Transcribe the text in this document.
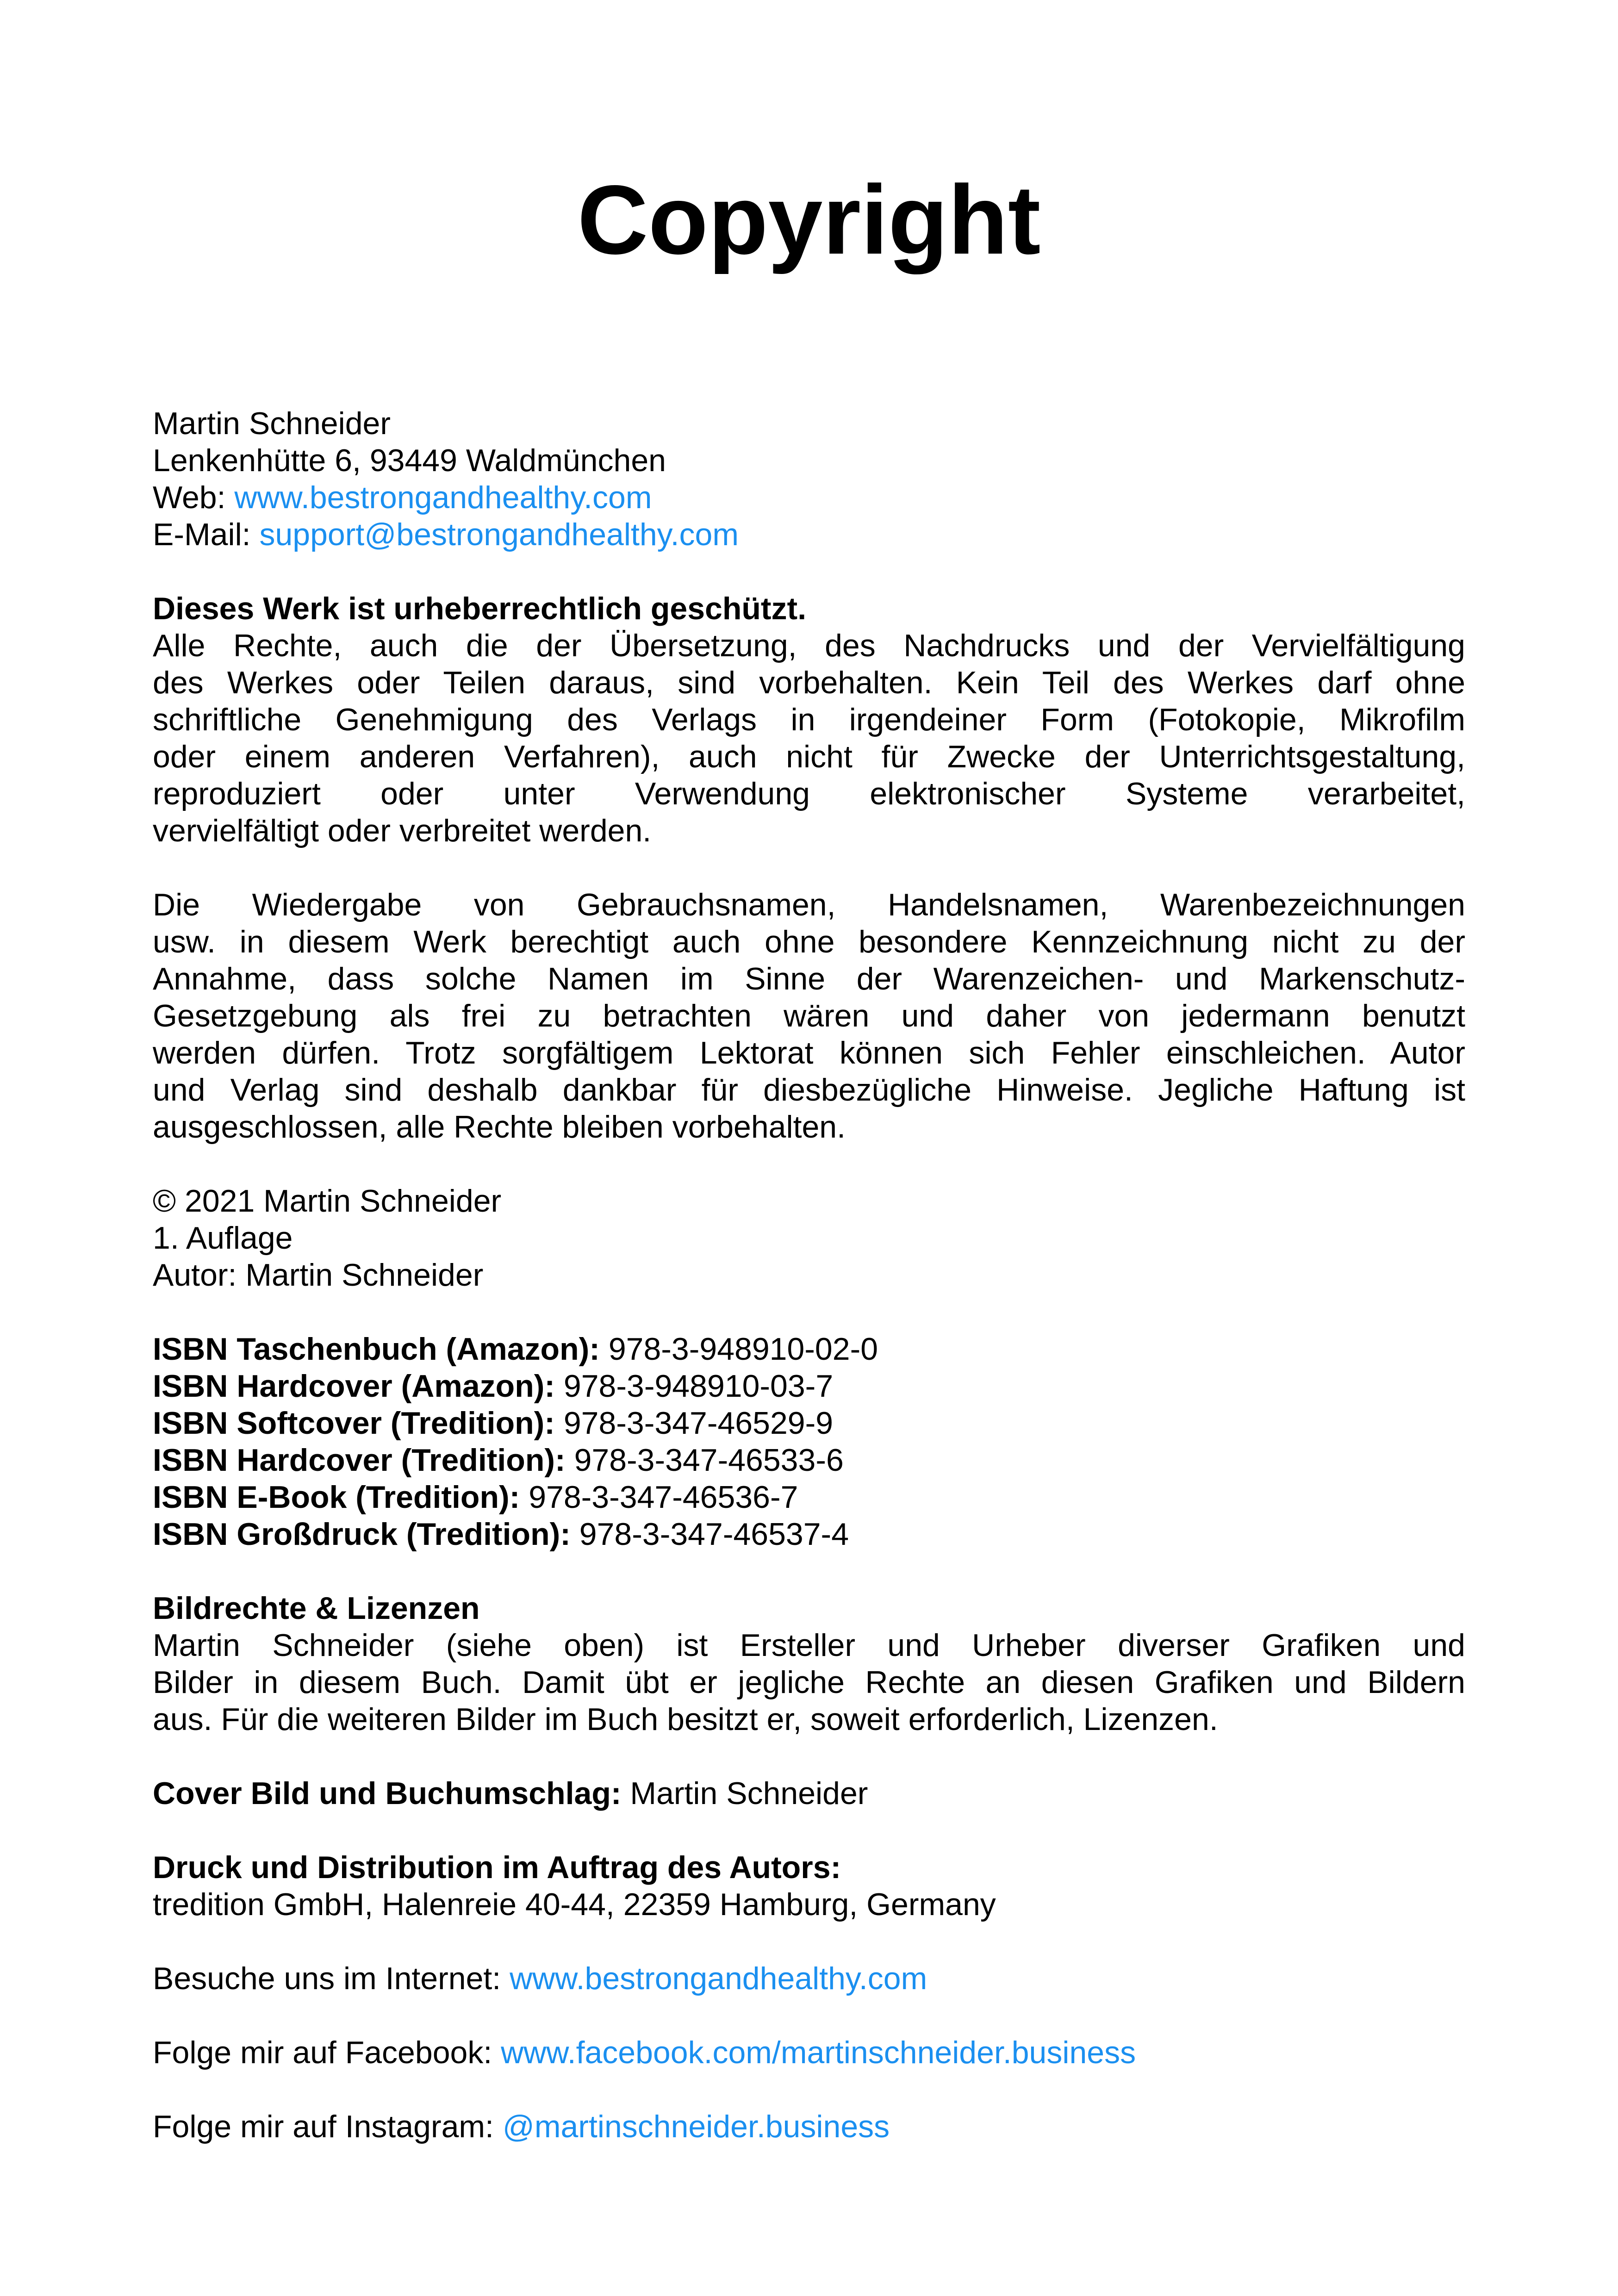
Copyright

Martin Schneider

Lenkenhütte 6, 93449 Waldmünchen

Web: www.bestrongandhealthy.com

E-Mail: support@bestrongandhealthy.com

Dieses Werk ist urheberrechtlich geschützt.

Alle Rechte, auch die der Übersetzung, des Nachdrucks und der Vervielfältigung

des Werkes oder Teilen daraus, sind vorbehalten. Kein Teil des Werkes darf ohne

schriftliche Genehmigung des Verlags in irgendeiner Form (Fotokopie, Mikrofilm

oder einem anderen Verfahren), auch nicht für Zwecke der Unterrichtsgestaltung,

reproduziert oder unter Verwendung elektronischer Systeme verarbeitet,

vervielfältigt oder verbreitet werden.

Die Wiedergabe von Gebrauchsnamen, Handelsnamen, Warenbezeichnungen

usw. in diesem Werk berechtigt auch ohne besondere Kennzeichnung nicht zu der

Annahme, dass solche Namen im Sinne der Warenzeichen- und Markenschutz-

Gesetzgebung als frei zu betrachten wären und daher von jedermann benutzt

werden dürfen. Trotz sorgfältigem Lektorat können sich Fehler einschleichen. Autor

und Verlag sind deshalb dankbar für diesbezügliche Hinweise. Jegliche Haftung ist

ausgeschlossen, alle Rechte bleiben vorbehalten.

© 2021 Martin Schneider

1. Auflage

Autor: Martin Schneider

ISBN Taschenbuch (Amazon): 978-3-948910-02-0

ISBN Hardcover (Amazon): 978-3-948910-03-7

ISBN Softcover (Tredition): 978-3-347-46529-9

ISBN Hardcover (Tredition): 978-3-347-46533-6

ISBN E-Book (Tredition): 978-3-347-46536-7

ISBN Großdruck (Tredition): 978-3-347-46537-4

Bildrechte & Lizenzen

Martin Schneider (siehe oben) ist Ersteller und Urheber diverser Grafiken und

Bilder in diesem Buch. Damit übt er jegliche Rechte an diesen Grafiken und Bildern

aus. Für die weiteren Bilder im Buch besitzt er, soweit erforderlich, Lizenzen.

Cover Bild und Buchumschlag: Martin Schneider

Druck und Distribution im Auftrag des Autors:

tredition GmbH, Halenreie 40-44, 22359 Hamburg, Germany

Besuche uns im Internet: www.bestrongandhealthy.com

Folge mir auf Facebook: www.facebook.com/martinschneider.business

Folge mir auf Instagram: @martinschneider.business
